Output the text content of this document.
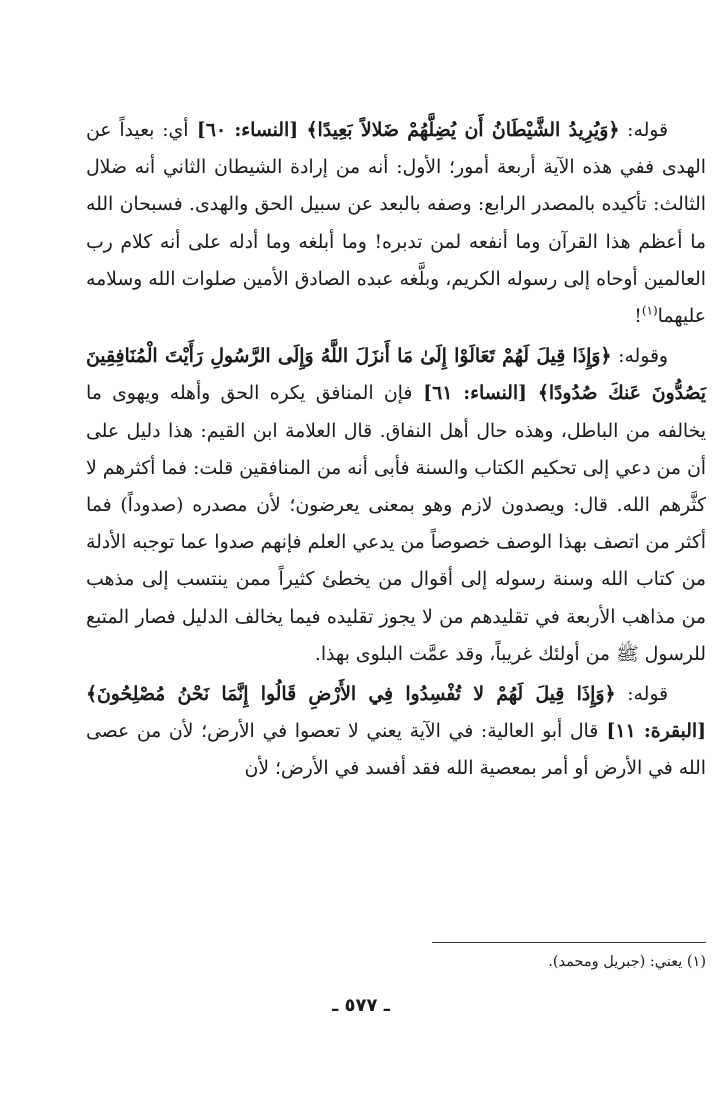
قوله: ﴿وَيُرِيدُ الشَّيْطَانُ أَن يُضِلَّهُمْ ضَلالاً بَعِيدًا﴾ [النساء: ٦٠] أي: بعيداً عن الهدى ففي هذه الآية أربعة أمور؛ الأول: أنه من إرادة الشيطان الثاني أنه ضلال الثالث: تأكيده بالمصدر الرابع: وصفه بالبعد عن سبيل الحق والهدى. فسبحان الله ما أعظم هذا القرآن وما أنفعه لمن تدبره! وما أبلغه وما أدله على أنه كلام رب العالمين أوحاه إلى رسوله الكريم، وبلَّغه عبده الصادق الأمين صلوات الله وسلامه عليهما$^{(١)}$!

وقوله: ﴿وَإِذَا قِيلَ لَهُمْ تَعَالَوْا إِلَىٰ مَا أَنزَلَ اللَّهُ وَإِلَى الرَّسُولِ رَأَيْتَ الْمُنَافِقِينَ يَصُدُّونَ عَنكَ صُدُودًا﴾ [النساء: ٦١] فإن المنافق يكره الحق وأهله ويهوى ما يخالفه من الباطل، وهذه حال أهل النفاق. قال العلامة ابن القيم: هذا دليل على أن من دعي إلى تحكيم الكتاب والسنة فأبى أنه من المنافقين قلت: فما أكثرهم لا كثَّرهم الله. قال: ويصدون لازم وهو بمعنى يعرضون؛ لأن مصدره (صدوداً) فما أكثر من اتصف بهذا الوصف خصوصاً من يدعي العلم فإنهم صدوا عما توجبه الأدلة من كتاب الله وسنة رسوله إلى أقوال من يخطئ كثيراً ممن ينتسب إلى مذهب من مذاهب الأربعة في تقليدهم من لا يجوز تقليده فيما يخالف الدليل فصار المتبع للرسول ﷺ من أولئك غريباً، وقد عمَّت البلوى بهذا.

قوله: ﴿وَإِذَا قِيلَ لَهُمْ لا تُفْسِدُوا فِي الأَرْضِ قَالُوا إِنَّمَا نَحْنُ مُصْلِحُونَ﴾ [البقرة: ١١] قال أبو العالية: في الآية يعني لا تعصوا في الأرض؛ لأن من عصى الله في الأرض أو أمر بمعصية الله فقد أفسد في الأرض؛ لأن

(١) يعني: (جبريل ومحمد).
ـ ٥٧٧ ـ
